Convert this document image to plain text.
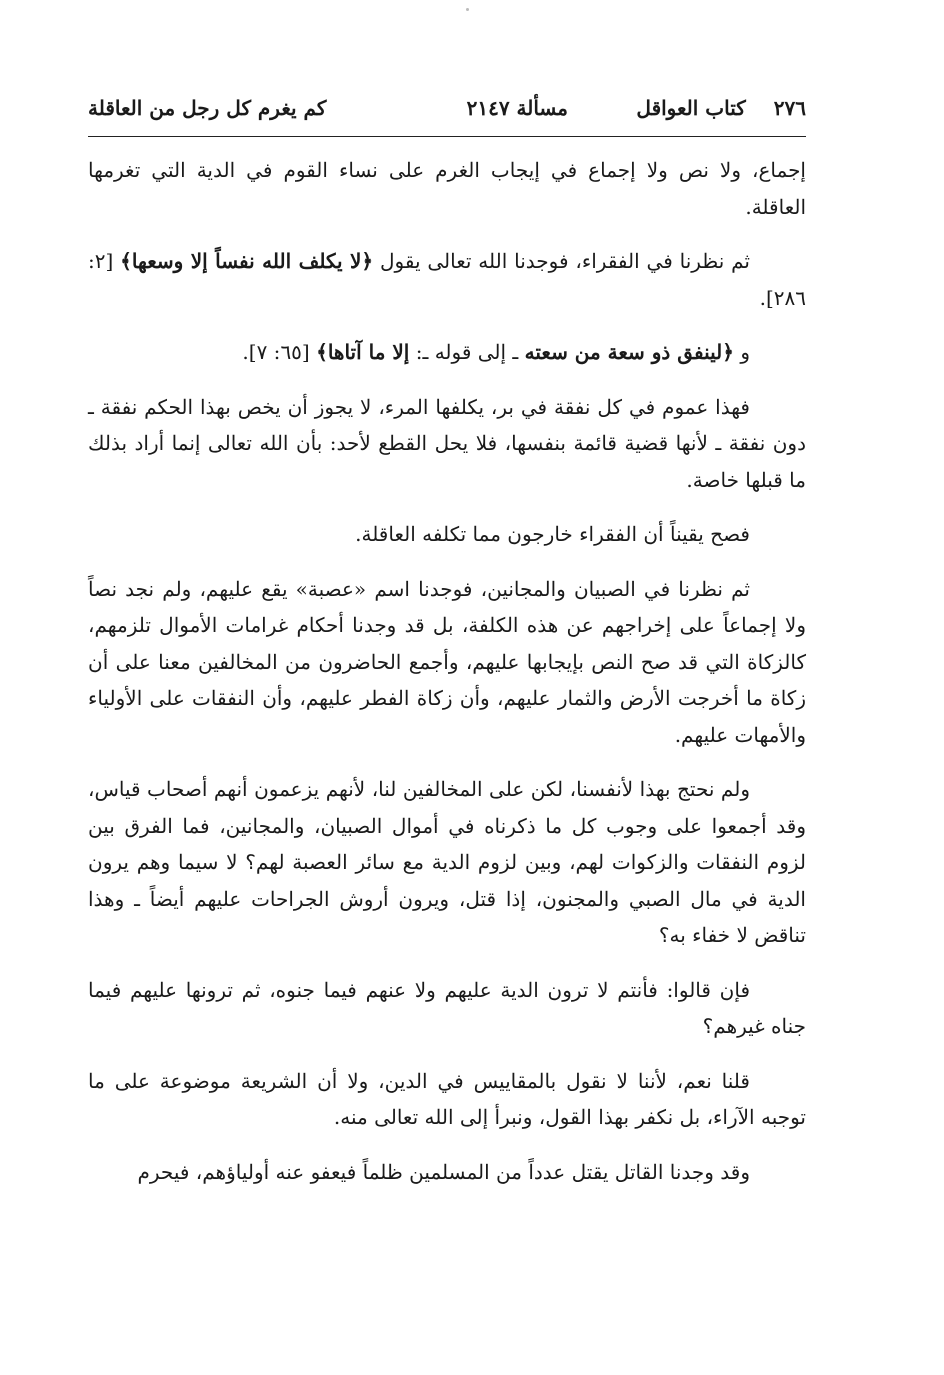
٢٧٦كتاب العواقل
مسألة ٢١٤٧
كم يغرم كل رجل من العاقلة

إجماع، ولا نص ولا إجماع في إيجاب الغرم على نساء القوم في الدية التي تغرمها العاقلة.

ثم نظرنا في الفقراء، فوجدنا الله تعالى يقول ﴿لا يكلف الله نفساً إلا وسعها﴾ [٢: ٢٨٦].

و ﴿لينفق ذو سعة من سعته ـ إلى قوله ـ: إلا ما آتاها﴾ [٦٥: ٧].

فهذا عموم في كل نفقة في بر، يكلفها المرء، لا يجوز أن يخص بهذا الحكم نفقة ـ دون نفقة ـ لأنها قضية قائمة بنفسها، فلا يحل القطع لأحد: بأن الله تعالى إنما أراد بذلك ما قبلها خاصة.

فصح يقيناً أن الفقراء خارجون مما تكلفه العاقلة.

ثم نظرنا في الصبيان والمجانين، فوجدنا اسم «عصبة» يقع عليهم، ولم نجد نصاً ولا إجماعاً على إخراجهم عن هذه الكلفة، بل قد وجدنا أحكام غرامات الأموال تلزمهم، كالزكاة التي قد صح النص بإيجابها عليهم، وأجمع الحاضرون من المخالفين معنا على أن زكاة ما أخرجت الأرض والثمار عليهم، وأن زكاة الفطر عليهم، وأن النفقات على الأولياء والأمهات عليهم.

ولم نحتج بهذا لأنفسنا، لكن على المخالفين لنا، لأنهم يزعمون أنهم أصحاب قياس، وقد أجمعوا على وجوب كل ما ذكرناه في أموال الصبيان، والمجانين، فما الفرق بين لزوم النفقات والزكوات لهم، وبين لزوم الدية مع سائر العصبة لهم؟ لا سيما وهم يرون الدية في مال الصبي والمجنون، إذا قتل، ويرون أروش الجراحات عليهم أيضاً ـ وهذا تناقض لا خفاء به؟

فإن قالوا: فأنتم لا ترون الدية عليهم ولا عنهم فيما جنوه، ثم ترونها عليهم فيما جناه غيرهم؟

قلنا نعم، لأننا لا نقول بالمقاييس في الدين، ولا أن الشريعة موضوعة على ما توجبه الآراء، بل نكفر بهذا القول، ونبرأ إلى الله تعالى منه.

وقد وجدنا القاتل يقتل عدداً من المسلمين ظلماً فيعفو عنه أولياؤهم، فيحرم
